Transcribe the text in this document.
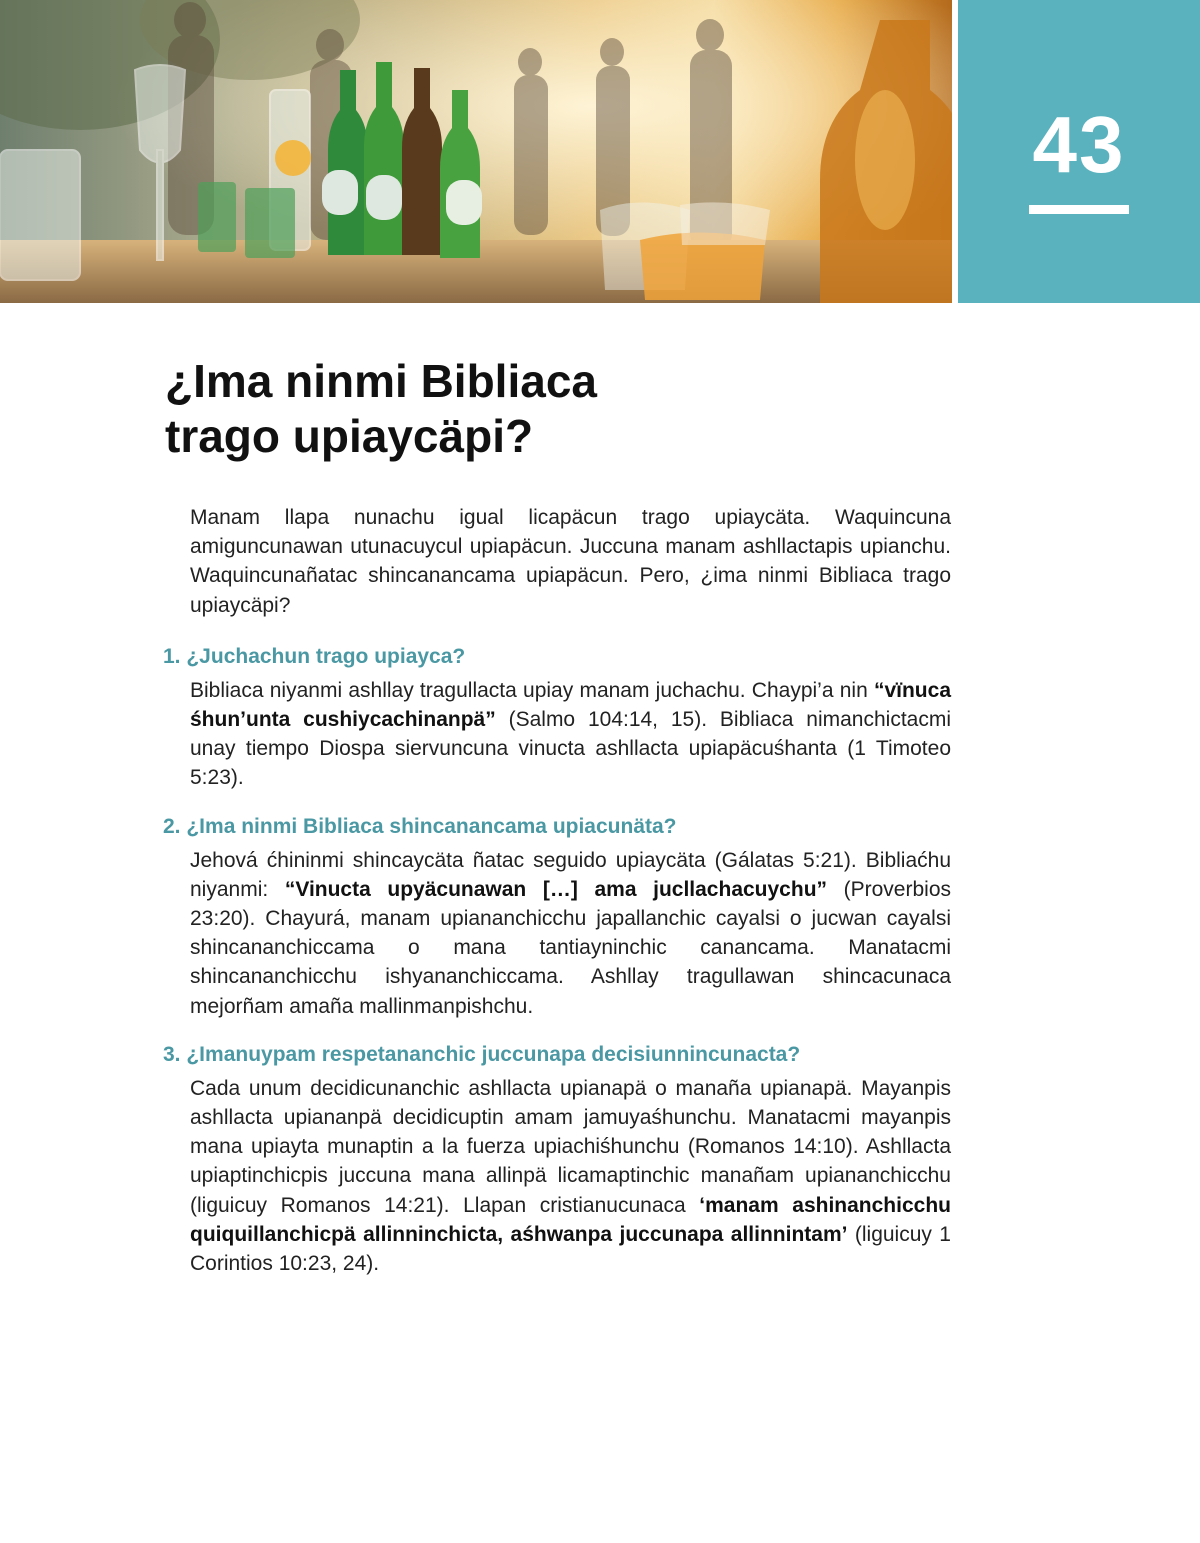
43
¿Ima ninmi Bibliaca
trago upiaycäpi?

Manam llapa nunachu igual licapäcun trago upiaycäta. Waquincuna amiguncunawan utunacuycul upiapäcun. Juccuna manam ashllactapis upianchu. Waquincunañatac shincanancama upiapäcun. Pero, ¿ima ninmi Bibliaca trago upiaycäpi?

1. ¿Juchachun trago upiayca?

Bibliaca niyanmi ashllay tragullacta upiay manam juchachu. Chaypi’a nin “vïnuca śhun’unta cushiycachinanpä” (Salmo 104:14, 15). Bibliaca nimanchictacmi unay tiempo Diospa siervuncuna vinucta ashllacta upiapäcuśhanta (1 Timoteo 5:23).

2. ¿Ima ninmi Bibliaca shincanancama upiacunäta?

Jehová ćhininmi shincaycäta ñatac seguido upiaycäta (Gálatas 5:21). Bibliaćhu niyanmi: “Vinucta upyäcunawan […] ama jucllachacuychu” (Proverbios 23:20). Chayurá, manam upiananchicchu japallanchic cayalsi o jucwan cayalsi shincananchiccama o mana tantiayninchic canancama. Manatacmi shincananchicchu ishyananchiccama. Ashllay tragullawan shincacunaca mejorñam amaña mallinmanpishchu.

3. ¿Imanuypam respetananchic juccunapa decisiunnincunacta?

Cada unum decidicunanchic ashllacta upianapä o manaña upianapä. Mayanpis ashllacta upiananpä decidicuptin amam jamuyaśhunchu. Manatacmi mayanpis mana upiayta munaptin a la fuerza upiachiśhunchu (Romanos 14:10). Ashllacta upiaptinchicpis juccuna mana allinpä licamaptinchic manañam upiananchicchu (liguicuy Romanos 14:21). Llapan cristianucunaca ‘manam ashinanchicchu quiquillanchicpä allinninchicta, aśhwanpa juccunapa allinnintam’ (liguicuy 1 Corintios 10:23, 24).
